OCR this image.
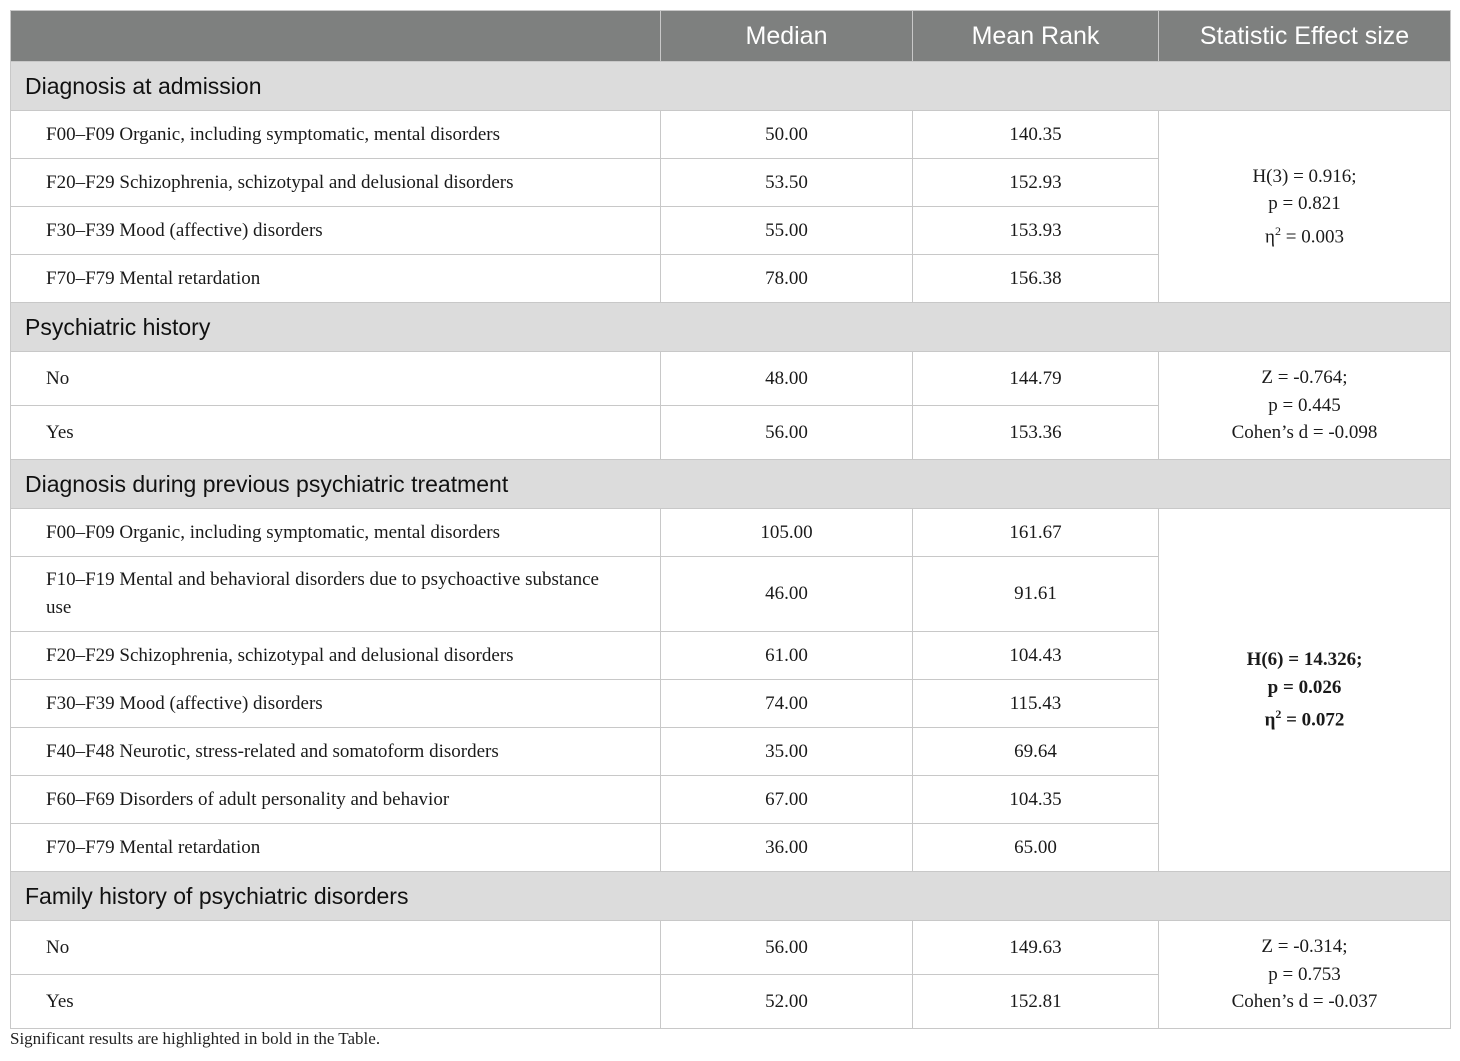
	Median	Mean Rank	Statistic Effect size
Diagnosis at admission			
F00–F09 Organic, including symptomatic, mental disorders	50.00	140.35	H(3) = 0.916;
p = 0.821
$\eta^2 = 0.003$

F20–F29 Schizophrenia, schizotypal and delusional disorders	53.50	152.93	
F30–F39 Mood (affective) disorders	55.00	153.93	
F70–F79 Mental retardation	78.00	156.38	
Psychiatric history			
No	48.00	144.79	Z = -0.764;
p = 0.445
Cohen’s d = -0.098

Yes	56.00	153.36	
Diagnosis during previous psychiatric treatment			
F00–F09 Organic, including symptomatic, mental disorders	105.00	161.67	H(6) = 14.326;
p = 0.026
$\eta^2 = 0.072$

F10–F19 Mental and behavioral disorders due to psychoactive substance use	46.00	91.61	
F20–F29 Schizophrenia, schizotypal and delusional disorders	61.00	104.43	
F30–F39 Mood (affective) disorders	74.00	115.43	
F40–F48 Neurotic, stress-related and somatoform disorders	35.00	69.64	
F60–F69 Disorders of adult personality and behavior	67.00	104.35	
F70–F79 Mental retardation	36.00	65.00	
Family history of psychiatric disorders			
No	56.00	149.63	Z = -0.314;
p = 0.753
Cohen’s d = -0.037

Yes	52.00	152.81	
Significant results are highlighted in bold in the Table.
